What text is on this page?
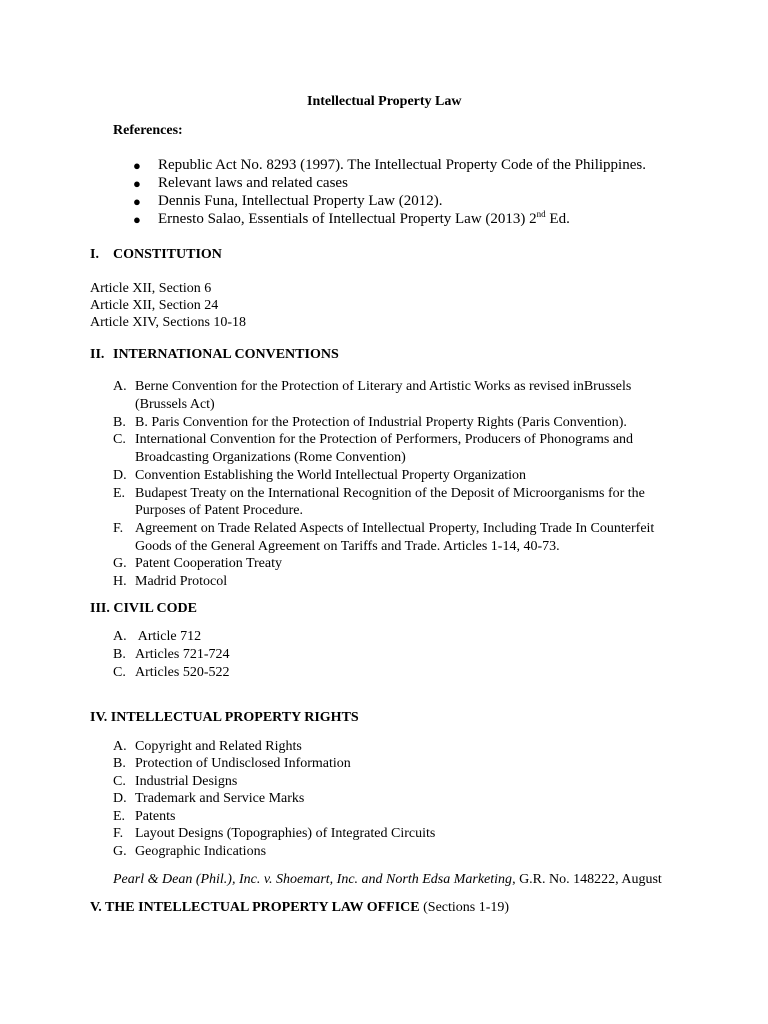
Intellectual Property Law
References:
● Republic Act No. 8293 (1997). The Intellectual Property Code of the Philippines.
● Relevant laws and related cases
● Dennis Funa, Intellectual Property Law (2012).
● Ernesto Salao, Essentials of Intellectual Property Law (2013) 2nd Ed.
I. CONSTITUTION
Article XII, Section 6
Article XII, Section 24
Article XIV, Sections 10-18
II. INTERNATIONAL CONVENTIONS
A. Berne Convention for the Protection of Literary and Artistic Works as revised inBrussels
(Brussels Act)
B. B. Paris Convention for the Protection of Industrial Property Rights (Paris Convention).
C. International Convention for the Protection of Performers, Producers of Phonograms and
Broadcasting Organizations (Rome Convention)
D. Convention Establishing the World Intellectual Property Organization
E. Budapest Treaty on the International Recognition of the Deposit of Microorganisms for the
Purposes of Patent Procedure.
F. Agreement on Trade Related Aspects of Intellectual Property, Including Trade In Counterfeit
Goods of the General Agreement on Tariffs and Trade. Articles 1-14, 40-73.
G. Patent Cooperation Treaty
H. Madrid Protocol
III. CIVIL CODE
A. Article 712
B. Articles 721-724
C. Articles 520-522
IV. INTELLECTUAL PROPERTY RIGHTS
A. Copyright and Related Rights
B. Protection of Undisclosed Information
C. Industrial Designs
D. Trademark and Service Marks
E. Patents
F. Layout Designs (Topographies) of Integrated Circuits
G. Geographic Indications
Pearl & Dean (Phil.), Inc. v. Shoemart, Inc. and North Edsa Marketing, G.R. No. 148222, August
V. THE INTELLECTUAL PROPERTY LAW OFFICE (Sections 1-19)
